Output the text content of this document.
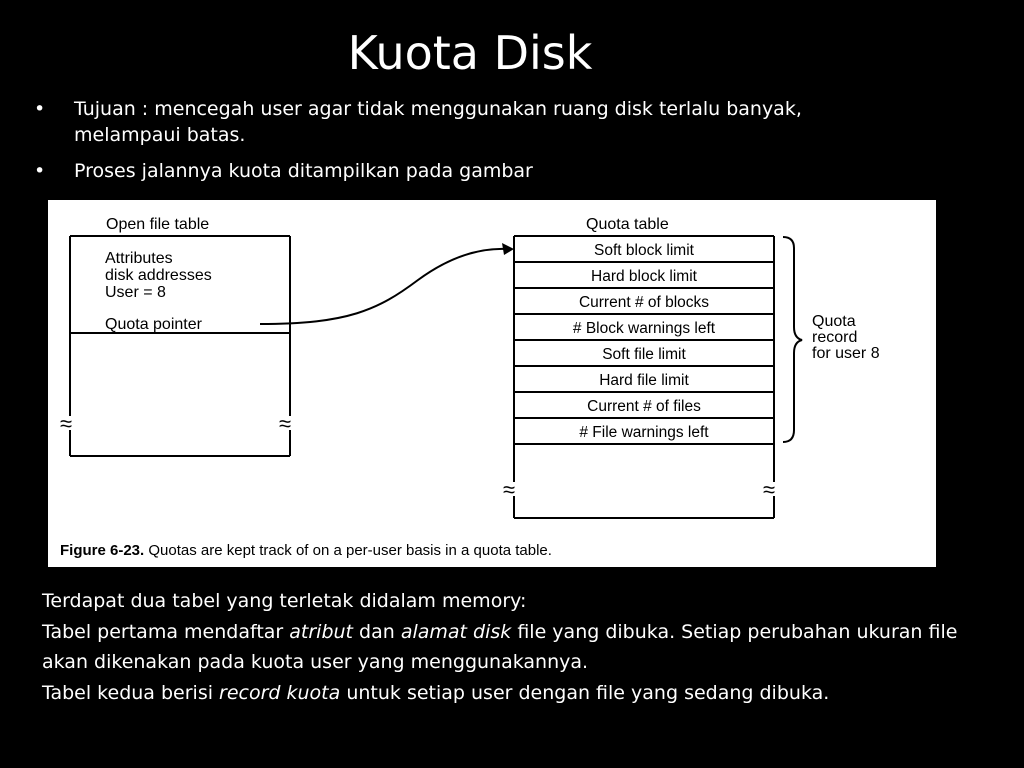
Kuota Disk
• Tujuan : mencegah user agar tidak menggunakan ruang disk terlalu banyak, melampaui batas.
• Proses jalannya kuota ditampilkan pada gambar
Open file table
Attributes
disk addresses
User = 8
Quota pointer
≈	≈
Quota table
Soft block limit
Hard block limit
Current # of blocks
# Block warnings left
Soft file limit
Hard file limit
Current # of files
# File warnings left
≈	≈
Quota
record
for user 8
Figure 6-23. Quotas are kept track of on a per-user basis in a quota table.

Terdapat dua tabel yang terletak didalam memory:

Tabel pertama mendaftar atribut dan alamat disk file yang dibuka. Setiap perubahan ukuran file akan dikenakan pada kuota user yang menggunakannya.

Tabel kedua berisi record kuota untuk setiap user dengan file yang sedang dibuka.
